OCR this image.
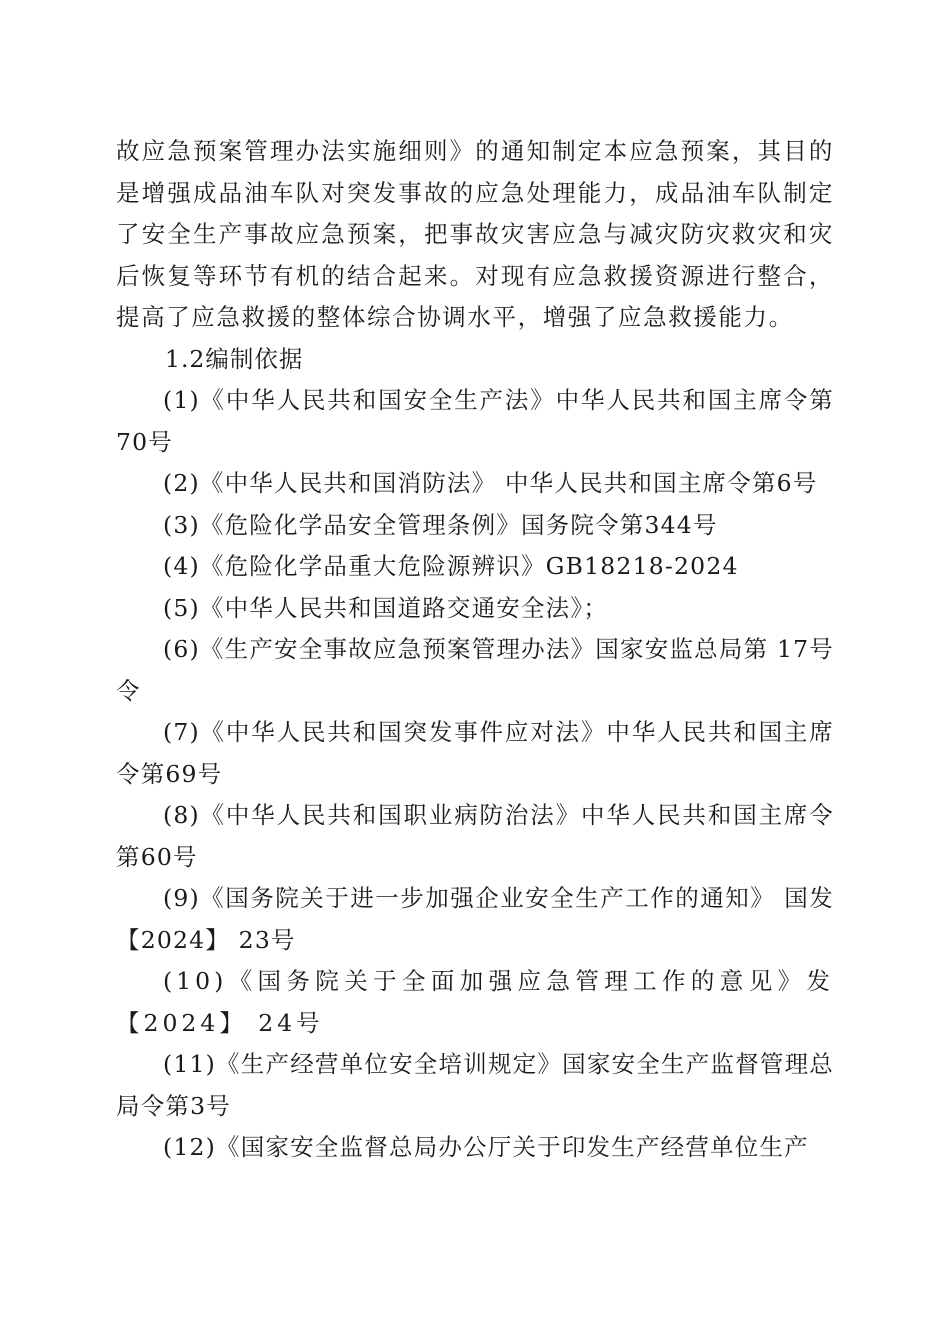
故应急预案管理办法实施细则》的通知制定本应急预案，其目的是增强成品油车队对突发事故的应急处理能力，成品油车队制定了安全生产事故应急预案，把事故灾害应急与减灾防灾救灾和灾后恢复等环节有机的结合起来。对现有应急救援资源进行整合，提高了应急救援的整体综合协调水平，增强了应急救援能力。

1.2编制依据

(1)《中华人民共和国安全生产法》中华人民共和国主席令第70号

(2)《中华人民共和国消防法》 中华人民共和国主席令第6号

(3)《危险化学品安全管理条例》国务院令第344号

(4)《危险化学品重大危险源辨识》GB18218-2024

(5)《中华人民共和国道路交通安全法》；

(6)《生产安全事故应急预案管理办法》国家安监总局第 17号令

(7)《中华人民共和国突发事件应对法》中华人民共和国主席令第69号

(8)《中华人民共和国职业病防治法》中华人民共和国主席令第60号

(9)《国务院关于进一步加强企业安全生产工作的通知》 国发【2024】 23号

(10)《国务院关于全面加强应急管理工作的意见》发【2024】 24号

(11)《生产经营单位安全培训规定》国家安全生产监督管理总局令第3号

(12)《国家安全监督总局办公厅关于印发生产经营单位生产
